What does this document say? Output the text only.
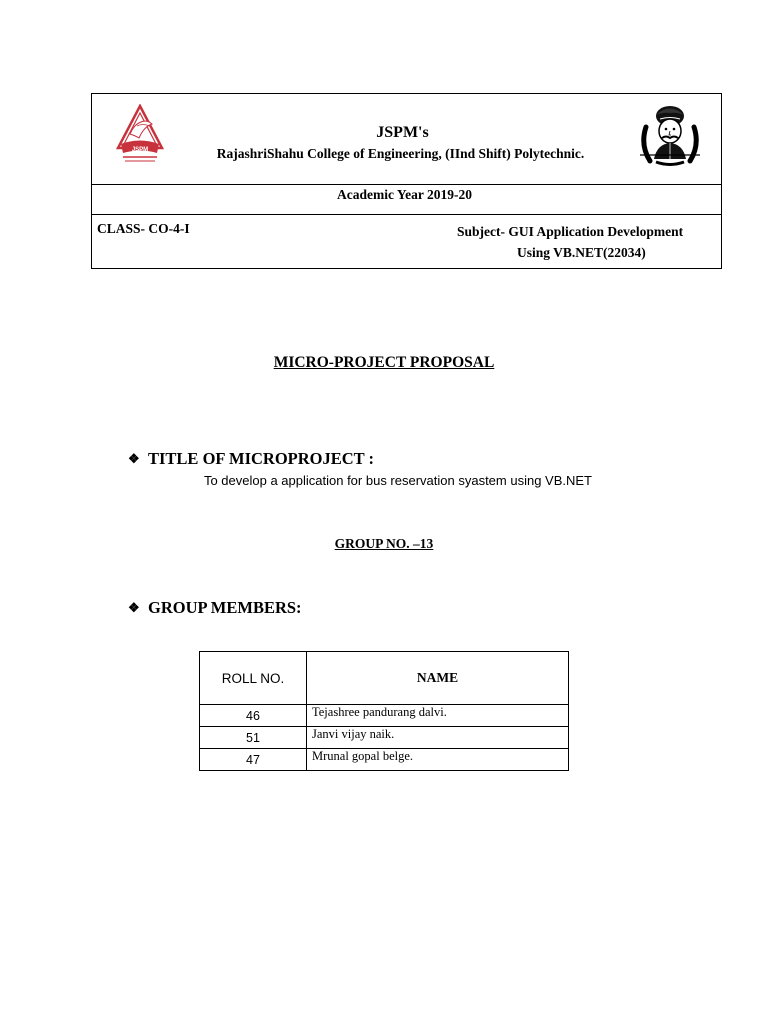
JSPM
JSPM's
RajashriShahu College of Engineering, (IInd Shift) Polytechnic.
Academic Year 2019-20
CLASS- CO-4-I	Subject- GUI Application Development
Using VB.NET(22034)
MICRO-PROJECT PROPOSAL
❖ TITLE OF MICROPROJECT :
To develop a application for bus reservation syastem using VB.NET
GROUP NO. –13
❖ GROUP MEMBERS:
ROLL NO.	NAME
46	Tejashree pandurang dalvi.
51	Janvi vijay naik.
47	Mrunal gopal belge.
